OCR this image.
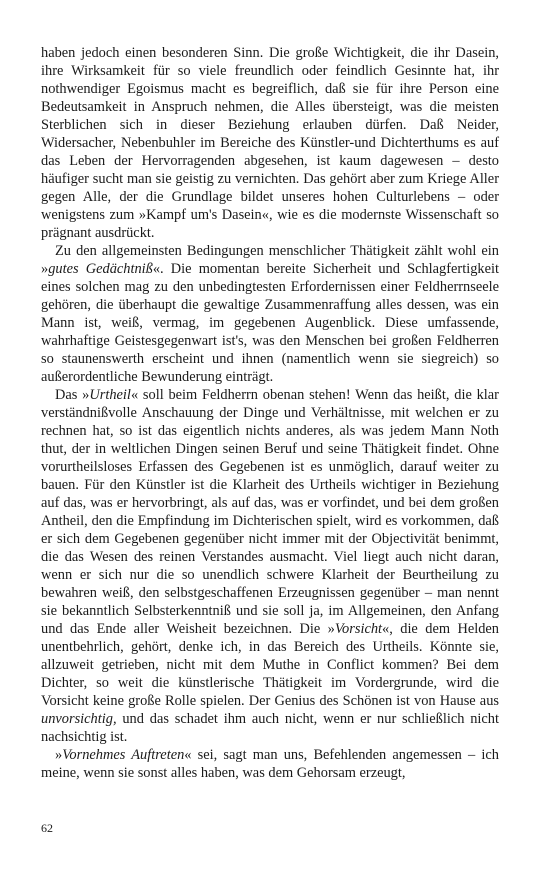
haben jedoch einen besonderen Sinn. Die große Wichtigkeit, die ihr Dasein, ihre Wirksamkeit für so viele freundlich oder feindlich Gesinnte hat, ihr nothwendiger Egoismus macht es begreiflich, daß sie für ihre Person eine Bedeutsamkeit in Anspruch nehmen, die Alles übersteigt, was die meisten Sterblichen sich in dieser Beziehung erlauben dürfen. Daß Neider, Widersacher, Nebenbuhler im Bereiche des Künstler-und Dichterthums es auf das Leben der Hervorragenden abgesehen, ist kaum dagewesen – desto häufiger sucht man sie geistig zu vernichten. Das gehört aber zum Kriege Aller gegen Alle, der die Grundlage bildet unseres hohen Culturlebens – oder wenigstens zum »Kampf um's Dasein«, wie es die modernste Wissenschaft so prägnant ausdrückt.

Zu den allgemeinsten Bedingungen menschlicher Thätigkeit zählt wohl ein »gutes Gedächtniß«. Die momentan bereite Sicherheit und Schlagfertigkeit eines solchen mag zu den unbedingtesten Erfordernissen einer Feldherrnseele gehören, die überhaupt die gewaltige Zusammenraffung alles dessen, was ein Mann ist, weiß, vermag, im gegebenen Augenblick. Diese umfassende, wahrhaftige Geistesgegenwart ist's, was den Menschen bei großen Feldherren so staunenswerth erscheint und ihnen (namentlich wenn sie siegreich) so außerordentliche Bewunderung einträgt.

Das »Urtheil« soll beim Feldherrn obenan stehen! Wenn das heißt, die klar verständnißvolle Anschauung der Dinge und Verhältnisse, mit welchen er zu rechnen hat, so ist das eigentlich nichts anderes, als was jedem Mann Noth thut, der in weltlichen Dingen seinen Beruf und seine Thätigkeit findet. Ohne vorurtheilsloses Erfassen des Gegebenen ist es unmöglich, darauf weiter zu bauen. Für den Künstler ist die Klarheit des Urtheils wichtiger in Beziehung auf das, was er hervorbringt, als auf das, was er vorfindet, und bei dem großen Antheil, den die Empfindung im Dichterischen spielt, wird es vorkommen, daß er sich dem Gegebenen gegenüber nicht immer mit der Objectivität benimmt, die das Wesen des reinen Verstandes ausmacht. Viel liegt auch nicht daran, wenn er sich nur die so unendlich schwere Klarheit der Beurtheilung zu bewahren weiß, den selbstgeschaffenen Erzeugnissen gegenüber – man nennt sie bekanntlich Selbsterkenntniß und sie soll ja, im Allgemeinen, den Anfang und das Ende aller Weisheit bezeichnen. Die »Vorsicht«, die dem Helden unentbehrlich, gehört, denke ich, in das Bereich des Urtheils. Könnte sie, allzuweit getrieben, nicht mit dem Muthe in Conflict kommen? Bei dem Dichter, so weit die künstlerische Thätigkeit im Vordergrunde, wird die Vorsicht keine große Rolle spielen. Der Genius des Schönen ist von Hause aus unvorsichtig, und das schadet ihm auch nicht, wenn er nur schließlich nicht nachsichtig ist.

»Vornehmes Auftreten« sei, sagt man uns, Befehlenden angemessen – ich meine, wenn sie sonst alles haben, was dem Gehorsam erzeugt,

62
